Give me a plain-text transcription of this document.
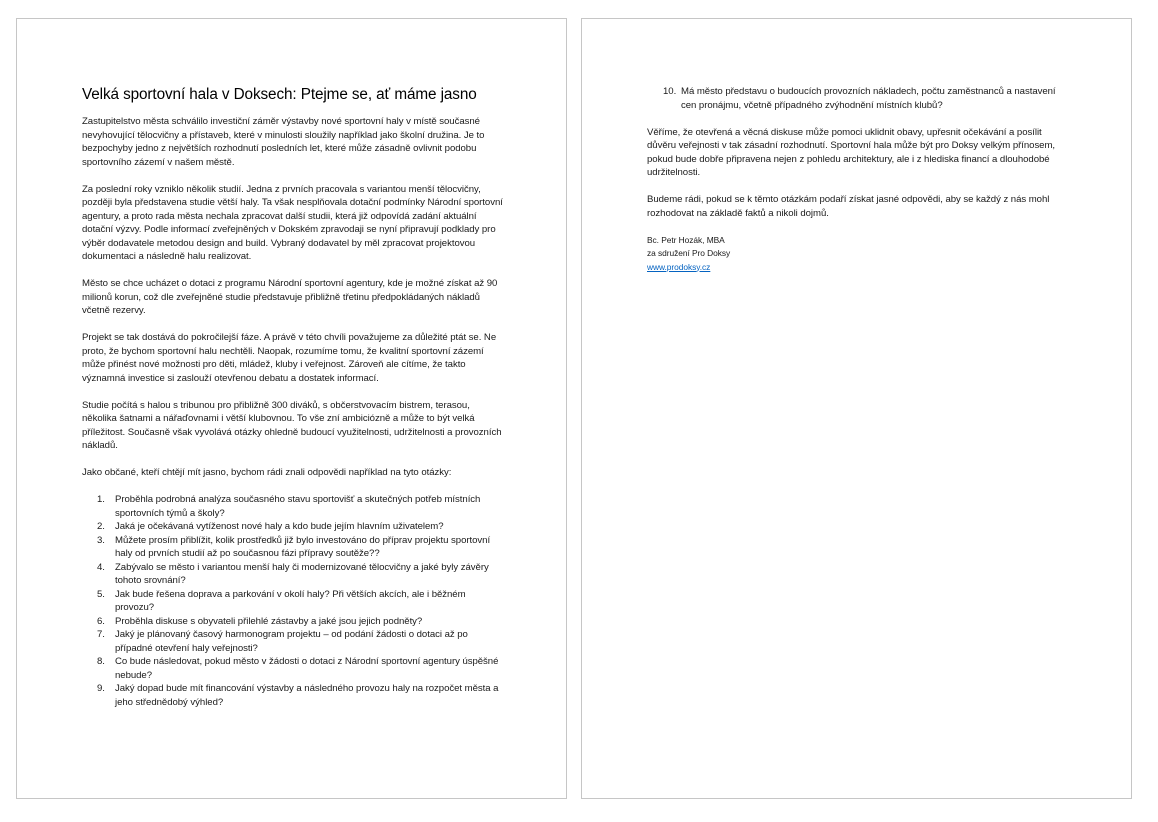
Velká sportovní hala v Doksech: Ptejme se, ať máme jasno

Zastupitelstvo města schválilo investiční záměr výstavby nové sportovní haly v místě současné nevyhovující tělocvičny a přístaveb, které v minulosti sloužily například jako školní družina. Je to bezpochyby jedno z největších rozhodnutí posledních let, které může zásadně ovlivnit podobu sportovního zázemí v našem městě.

Za poslední roky vzniklo několik studií. Jedna z prvních pracovala s variantou menší tělocvičny, později byla představena studie větší haly. Ta však nesplňovala dotační podmínky Národní sportovní agentury, a proto rada města nechala zpracovat další studii, která již odpovídá zadání aktuální dotační výzvy. Podle informací zveřejněných v Dokském zpravodaji se nyní připravují podklady pro výběr dodavatele metodou design and build. Vybraný dodavatel by měl zpracovat projektovou dokumentaci a následně halu realizovat.

Město se chce ucházet o dotaci z programu Národní sportovní agentury, kde je možné získat až 90 milionů korun, což dle zveřejněné studie představuje přibližně třetinu předpokládaných nákladů včetně rezervy.

Projekt se tak dostává do pokročilejší fáze. A právě v této chvíli považujeme za důležité ptát se. Ne proto, že bychom sportovní halu nechtěli. Naopak, rozumíme tomu, že kvalitní sportovní zázemí může přinést nové možnosti pro děti, mládež, kluby i veřejnost. Zároveň ale cítíme, že takto významná investice si zaslouží otevřenou debatu a dostatek informací.

Studie počítá s halou s tribunou pro přibližně 300 diváků, s občerstvovacím bistrem, terasou, několika šatnami a nářaďovnami i větší klubovnou. To vše zní ambiciózně a může to být velká příležitost. Současně však vyvolává otázky ohledně budoucí využitelnosti, udržitelnosti a provozních nákladů.

Jako občané, kteří chtějí mít jasno, bychom rádi znali odpovědi například na tyto otázky:

1. Proběhla podrobná analýza současného stavu sportovišť a skutečných potřeb místních sportovních týmů a školy?
2. Jaká je očekávaná vytíženost nové haly a kdo bude jejím hlavním uživatelem?
3. Můžete prosím přiblížit, kolik prostředků již bylo investováno do příprav projektu sportovní haly od prvních studií až po současnou fázi přípravy soutěže??
4. Zabývalo se město i variantou menší haly či modernizované tělocvičny a jaké byly závěry tohoto srovnání?
5. Jak bude řešena doprava a parkování v okolí haly? Při větších akcích, ale i běžném provozu?
6. Proběhla diskuse s obyvateli přilehlé zástavby a jaké jsou jejich podněty?
7. Jaký je plánovaný časový harmonogram projektu – od podání žádosti o dotaci až po případné otevření haly veřejnosti?
8. Co bude následovat, pokud město v žádosti o dotaci z Národní sportovní agentury úspěšné nebude?
9. Jaký dopad bude mít financování výstavby a následného provozu haly na rozpočet města a jeho střednědobý výhled?
10. Má město představu o budoucích provozních nákladech, počtu zaměstnanců a nastavení cen pronájmu, včetně případného zvýhodnění místních klubů?

Věříme, že otevřená a věcná diskuse může pomoci uklidnit obavy, upřesnit očekávání a posílit důvěru veřejnosti v tak zásadní rozhodnutí. Sportovní hala může být pro Doksy velkým přínosem, pokud bude dobře připravena nejen z pohledu architektury, ale i z hlediska financí a dlouhodobé udržitelnosti.

Budeme rádi, pokud se k těmto otázkám podaří získat jasné odpovědi, aby se každý z nás mohl rozhodovat na základě faktů a nikoli dojmů.

Bc. Petr Hozák, MBA
za sdružení Pro Doksy
www.prodoksy.cz
